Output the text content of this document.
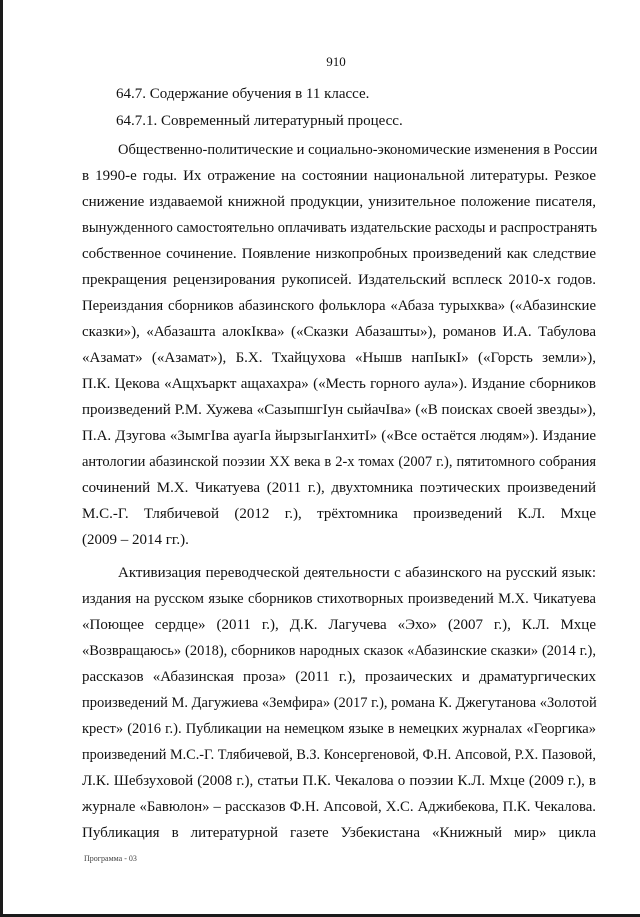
910
64.7. Содержание обучения в 11 классе.
64.7.1. Современный литературный процесс.
Общественно-политические и социально-экономические изменения в России
в 1990-е годы. Их отражение на состоянии национальной литературы. Резкое
снижение издаваемой книжной продукции, унизительное положение писателя,
вынужденного самостоятельно оплачивать издательские расходы и распространять
собственное сочинение. Появление низкопробных произведений как следствие
прекращения рецензирования рукописей. Издательский всплеск 2010-х годов.
Переиздания сборников абазинского фольклора «Абаза турыхква» («Абазинские
сказки»), «Абазашта алокIква» («Сказки Абазашты»), романов И.А. Табулова
«Азамат» («Азамат»), Б.Х. Тхайцухова «Нышв напIыкI» («Горсть земли»),
П.К. Цекова «Ащхъаркт ащахахра» («Месть горного аула»). Издание сборников
произведений Р.М. Хужева «СазыпшгIун сыйачIва» («В поисках своей звезды»),
П.А. Дзугова «ЗымгIва ауагIа йырзыгIанхитI» («Все остаётся людям»). Издание
антологии абазинской поэзии XX века в 2-х томах (2007 г.), пятитомного собрания
сочинений М.Х. Чикатуева (2011 г.), двухтомника поэтических произведений
М.С.-Г. Тлябичевой (2012 г.), трёхтомника произведений К.Л. Мхце
(2009 – 2014 гг.).
Активизация переводческой деятельности с абазинского на русский язык:
издания на русском языке сборников стихотворных произведений М.Х. Чикатуева
«Поющее сердце» (2011 г.), Д.К. Лагучева «Эхо» (2007 г.), К.Л. Мхце
«Возвращаюсь» (2018), сборников народных сказок «Абазинские сказки» (2014 г.),
рассказов «Абазинская проза» (2011 г.), прозаических и драматургических
произведений М. Дагужиева «Земфира» (2017 г.), романа К. Джегутанова «Золотой
крест» (2016 г.). Публикации на немецком языке в немецких журналах «Георгика»
произведений М.С.-Г. Тлябичевой, В.З. Консергеновой, Ф.Н. Апсовой, Р.Х. Пазовой,
Л.К. Шебзуховой (2008 г.), статьи П.К. Чекалова о поэзии К.Л. Мхце (2009 г.), в
журнале «Бавюлон» – рассказов Ф.Н. Апсовой, Х.С. Аджибекова, П.К. Чекалова.
Публикация в литературной газете Узбекистана «Книжный мир» цикла
Программа - 03
